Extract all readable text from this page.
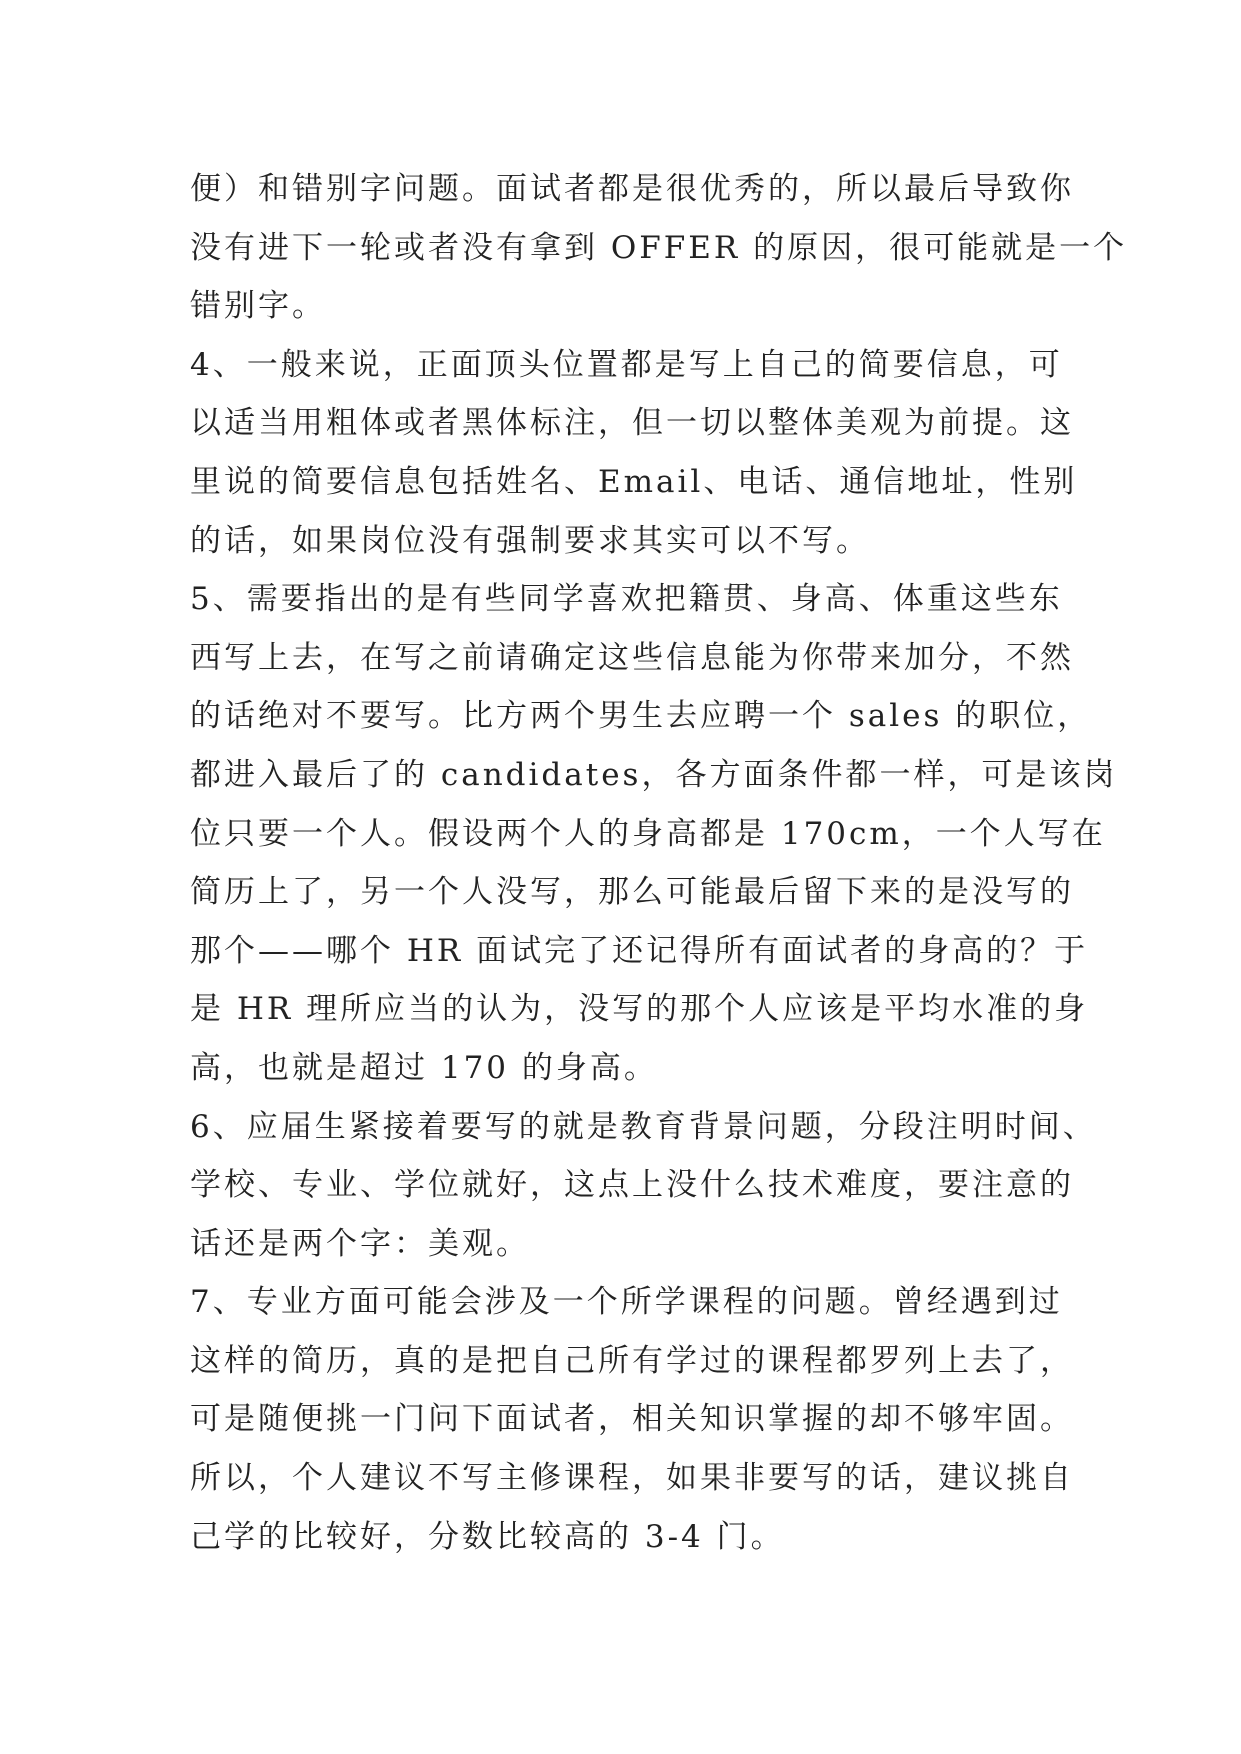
便）和错别字问题。面试者都是很优秀的，所以最后导致你
没有进下一轮或者没有拿到 OFFER 的原因，很可能就是一个
错别字。
4、一般来说，正面顶头位置都是写上自己的简要信息，可
以适当用粗体或者黑体标注，但一切以整体美观为前提。这
里说的简要信息包括姓名、Email、电话、通信地址，性别
的话，如果岗位没有强制要求其实可以不写。
5、需要指出的是有些同学喜欢把籍贯、身高、体重这些东
西写上去，在写之前请确定这些信息能为你带来加分，不然
的话绝对不要写。比方两个男生去应聘一个 sales 的职位，
都进入最后了的 candidates，各方面条件都一样，可是该岗
位只要一个人。假设两个人的身高都是 170cm，一个人写在
简历上了，另一个人没写，那么可能最后留下来的是没写的
那个——哪个 HR 面试完了还记得所有面试者的身高的？于
是 HR 理所应当的认为，没写的那个人应该是平均水准的身
高，也就是超过 170 的身高。
6、应届生紧接着要写的就是教育背景问题，分段注明时间、
学校、专业、学位就好，这点上没什么技术难度，要注意的
话还是两个字：美观。
7、专业方面可能会涉及一个所学课程的问题。曾经遇到过
这样的简历，真的是把自己所有学过的课程都罗列上去了，
可是随便挑一门问下面试者，相关知识掌握的却不够牢固。
所以，个人建议不写主修课程，如果非要写的话，建议挑自
己学的比较好，分数比较高的 3-4 门。
